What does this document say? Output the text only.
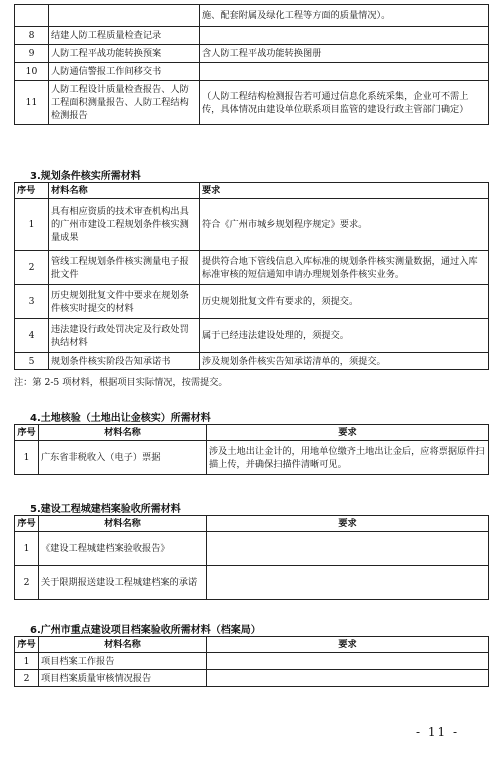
		施、配套附属及绿化工程等方面的质量情况）。
8	结建人防工程质量检查记录	
9	人防工程平战功能转换预案	含人防工程平战功能转换图册
10	人防通信警报工作间移交书	
11	人防工程设计质量检查报告、人防工程面积测量报告、人防工程结构检测报告	（人防工程结构检测报告若可通过信息化系统采集，企业可不需上传，具体情况由建设单位联系项目监管的建设行政主管部门确定）

3.规划条件核实所需材料

序号	材料名称	要求
1	具有相应资质的技术审查机构出具的广州市建设工程规划条件核实测量成果	符合《广州市城乡规划程序规定》要求。
2	管线工程规划条件核实测量电子报批文件	提供符合地下管线信息入库标准的规划条件核实测量数据，通过入库标准审核的短信通知申请办理规划条件核实业务。
3	历史规划批复文件中要求在规划条件核实时提交的材料	历史规划批复文件有要求的，须提交。
4	违法建设行政处罚决定及行政处罚执结材料	属于已经违法建设处理的，须提交。
5	规划条件核实阶段告知承诺书	涉及规划条件核实告知承诺清单的，须提交。
注：第 2-5 项材料，根据项目实际情况，按需提交。

4.土地核验（土地出让金核实）所需材料

序号	材料名称	要求
1	广东省非税收入（电子）票据	涉及土地出让金计的，用地单位缴齐土地出让金后，应将票据原件扫描上传，并确保扫描件清晰可见。

5.建设工程城建档案验收所需材料

序号	材料名称	要求
1	《建设工程城建档案验收报告》	
2	关于限期报送建设工程城建档案的承诺	

6.广州市重点建设项目档案验收所需材料（档案局）

序号	材料名称	要求
1	项目档案工作报告	
2	项目档案质量审核情况报告	
- 11 -
